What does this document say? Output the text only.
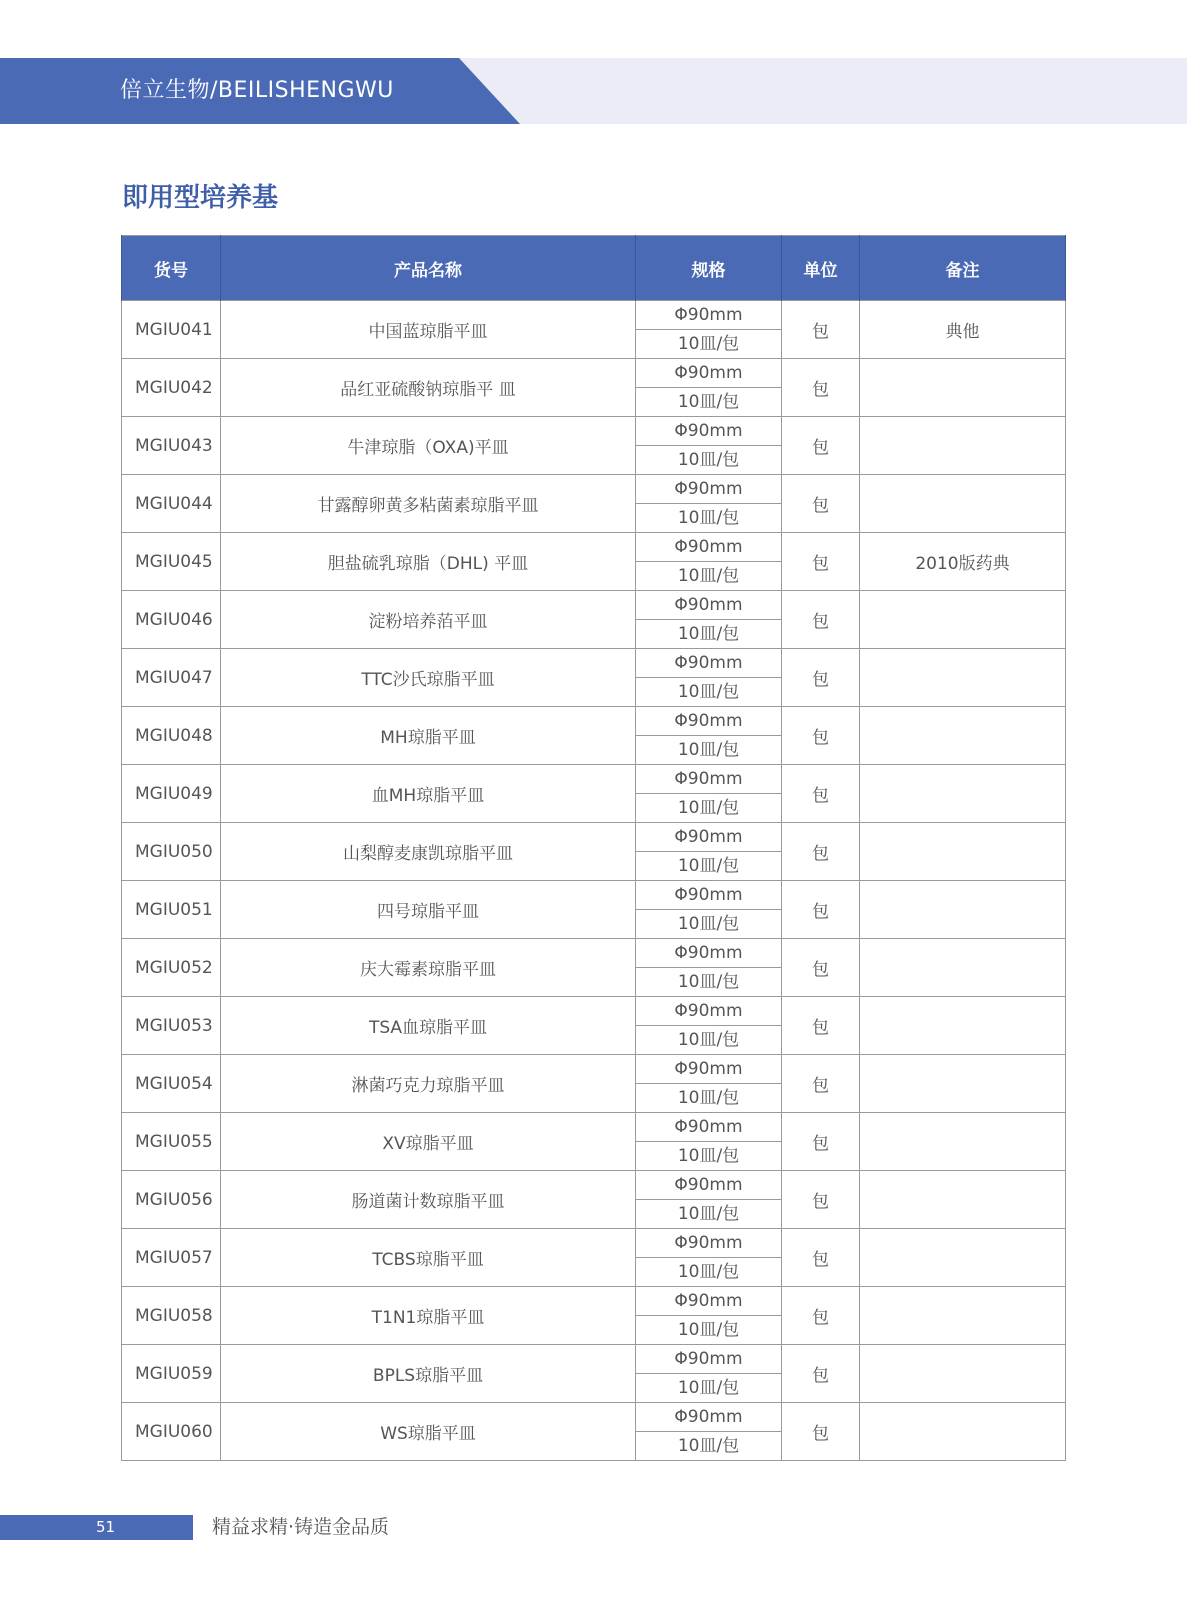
倍立生物/BEILISHENGWU
即用型培养基
货号	产品名称	规格	单位	备注
MGIU041	中国蓝琼脂平皿	Φ90mm
10皿/包	包	典他
MGIU042	品红亚硫酸钠琼脂平 皿	Φ90mm
10皿/包	包	
MGIU043	牛津琼脂（OXA)平皿	Φ90mm
10皿/包	包	
MGIU044	甘露醇卵黄多粘菌素琼脂平皿	Φ90mm
10皿/包	包	
MGIU045	胆盐硫乳琼脂（DHL) 平皿	Φ90mm
10皿/包	包	2010版药典
MGIU046	淀粉培养萡平皿	Φ90mm
10皿/包	包	
MGIU047	TTC沙氏琼脂平皿	Φ90mm
10皿/包	包	
MGIU048	MH琼脂平皿	Φ90mm
10皿/包	包	
MGIU049	血MH琼脂平皿	Φ90mm
10皿/包	包	
MGIU050	山梨醇麦康凯琼脂平皿	Φ90mm
10皿/包	包	
MGIU051	四号琼脂平皿	Φ90mm
10皿/包	包	
MGIU052	庆大霉素琼脂平皿	Φ90mm
10皿/包	包	
MGIU053	TSA血琼脂平皿	Φ90mm
10皿/包	包	
MGIU054	淋菌巧克力琼脂平皿	Φ90mm
10皿/包	包	
MGIU055	XV琼脂平皿	Φ90mm
10皿/包	包	
MGIU056	肠道菌计数琼脂平皿	Φ90mm
10皿/包	包	
MGIU057	TCBS琼脂平皿	Φ90mm
10皿/包	包	
MGIU058	T1N1琼脂平皿	Φ90mm
10皿/包	包	
MGIU059	BPLS琼脂平皿	Φ90mm
10皿/包	包	
MGIU060	WS琼脂平皿	Φ90mm
10皿/包	包	
51	精益求精·铸造金品质
